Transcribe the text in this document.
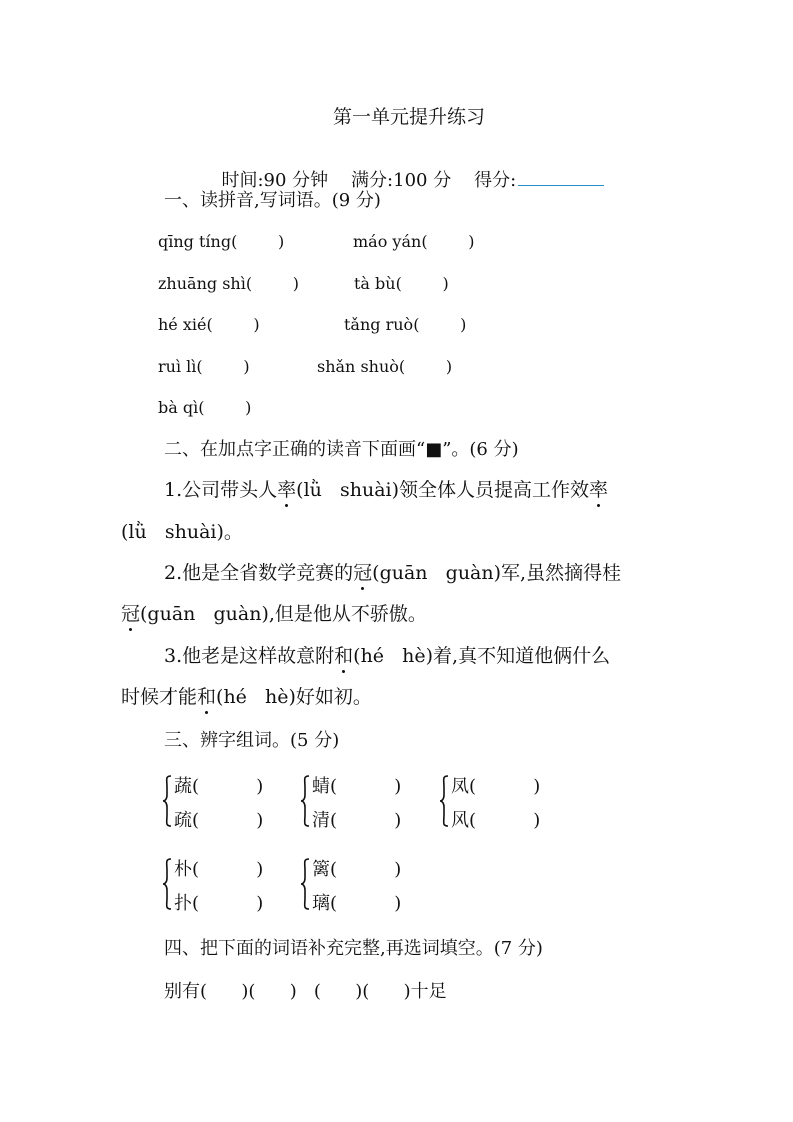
第一单元提升练习

时间:90 分钟 满分:100 分 得分:

一、读拼音,写词语。(9 分)
qīng tíng(        )	máo yán(        )
zhuāng shì(        )	tà bù(        )
hé xié(        )	tǎng ruò(        )
ruì lì(        )	shǎn shuò(        )
bà qì(        )
二、在加点字正确的读音下面画“■”。(6 分)
1.公司带头人率(lǜ   shuài)领全体人员提高工作效率
(lǜ   shuài)。
2.他是全省数学竞赛的冠(guān   guàn)军,虽然摘得桂
冠(guān   guàn),但是他从不骄傲。
3.他老是这样故意附和(hé   hè)着,真不知道他俩什么
时候才能和(hé   hè)好如初。
三、辨字组词。(5 分)
蔬(          )
疏(          )
蜻(          )
清(          )
凤(          )
风(          )
朴(          )
扑(          )
篱(          )
璃(          )
四、把下面的词语补充完整,再选词填空。(7 分)
别有(      )(      )   (      )(      )十足
